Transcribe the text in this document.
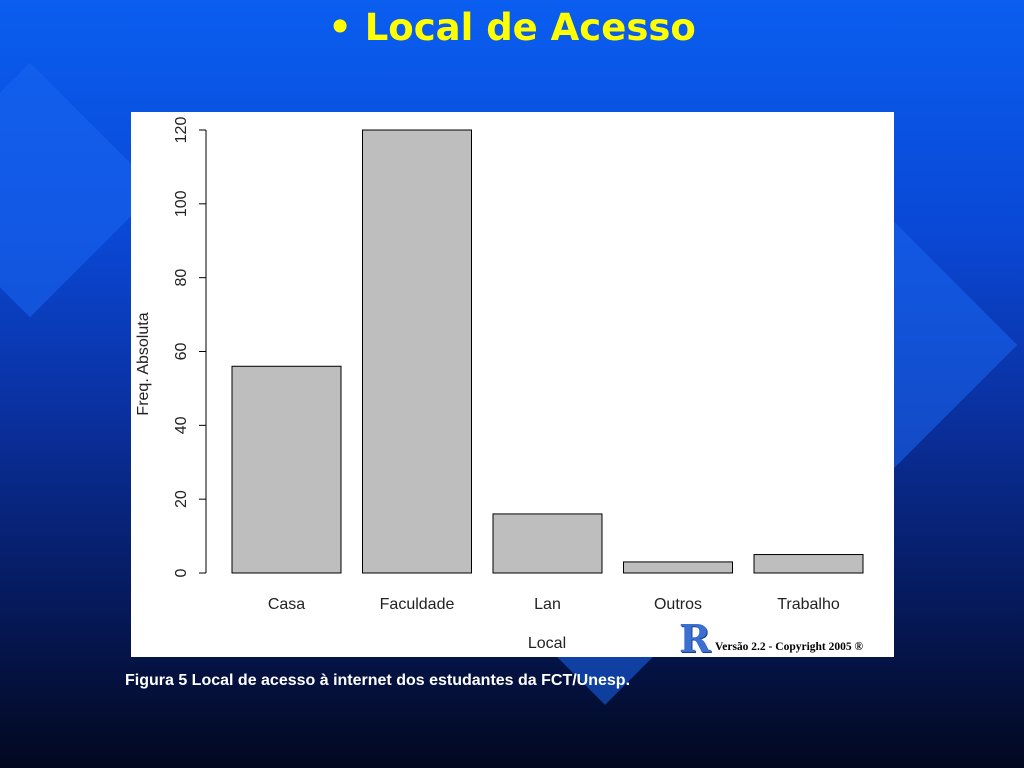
• Local de Acesso
0
20
40
60
80
100
120
Casa	Faculdade	Lan	Outros	Trabalho
Freq. Absoluta
Local	R Versão 2.2 - Copyright 2005 ®
Figura 5 Local de acesso à internet dos estudantes da FCT/Unesp.
